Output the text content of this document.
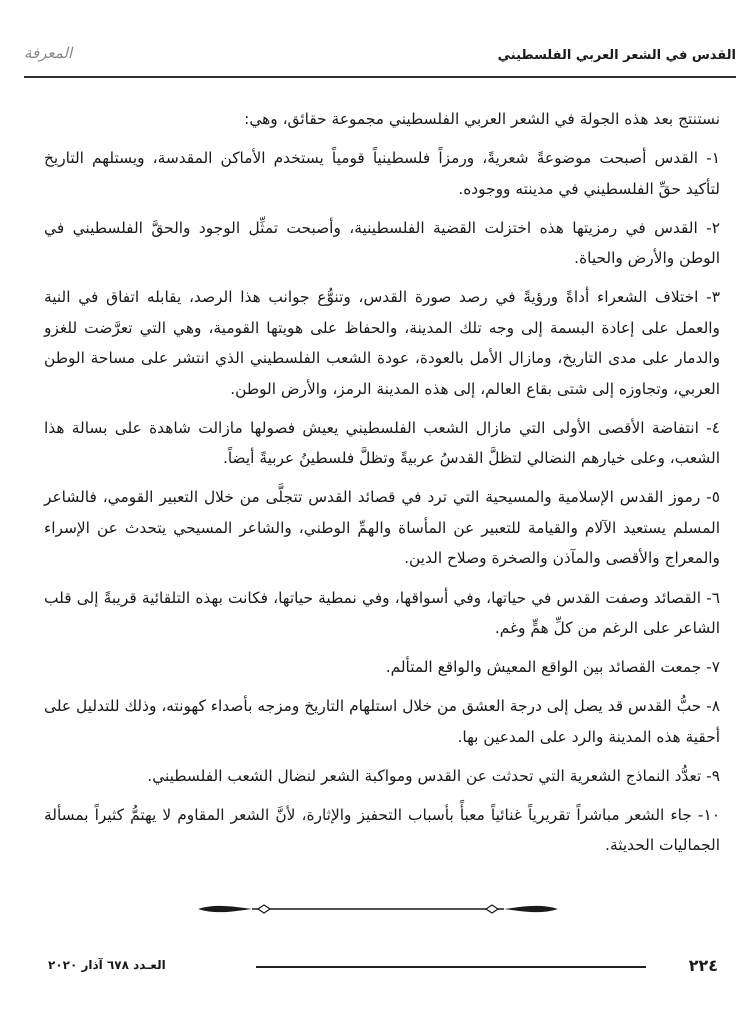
القدس في الشعر العربي الفلسطيني
المعرفة

نستنتج بعد هذه الجولة في الشعر العربي الفلسطيني مجموعة حقائق، وهي:

١- القدس أصبحت موضوعةً شعريةً، ورمزاً فلسطينياً قومياً يستخدم الأماكن المقدسة، ويستلهم التاريخ لتأكيد حقِّ الفلسطيني في مدينته ووجوده.

٢- القدس في رمزيتها هذه اختزلت القضية الفلسطينية، وأصبحت تمثِّل الوجود والحقَّ الفلسطيني في الوطن والأرض والحياة.

٣- اختلاف الشعراء أداةً ورؤيةً في رصد صورة القدس، وتنوُّع جوانب هذا الرصد، يقابله اتفاق في النية والعمل على إعادة البسمة إلى وجه تلك المدينة، والحفاظ على هويتها القومية، وهي التي تعرَّضت للغزو والدمار على مدى التاريخ، ومازال الأمل بالعودة، عودة الشعب الفلسطيني الذي انتشر على مساحة الوطن العربي، وتجاوزه إلى شتى بقاع العالم، إلى هذه المدينة الرمز، والأرض الوطن.

٤- انتفاضة الأقصى الأولى التي مازال الشعب الفلسطيني يعيش فصولها مازالت شاهدة على بسالة هذا الشعب، وعلى خيارهم النضالي لتظلَّ القدسُ عربيةً وتظلَّ فلسطينُ عربيةً أيضاً.

٥- رموز القدس الإسلامية والمسيحية التي ترد في قصائد القدس تتجلَّى من خلال التعبير القومي، فالشاعر المسلم يستعيد الآلام والقيامة للتعبير عن المأساة والهمِّ الوطني، والشاعر المسيحي يتحدث عن الإسراء والمعراج والأقصى والمآذن والصخرة وصلاح الدين.

٦- القصائد وصفت القدس في حياتها، وفي أسواقها، وفي نمطية حياتها، فكانت بهذه التلقائية قريبةً إلى قلب الشاعر على الرغم من كلِّ همٍّ وغم.

٧- جمعت القصائد بين الواقع المعيش والواقع المتألم.

٨- حبُّ القدس قد يصل إلى درجة العشق من خلال استلهام التاريخ ومزجه بأصداء كهونته، وذلك للتدليل على أحقية هذه المدينة والرد على المدعين بها.

٩- تعدُّد النماذج الشعرية التي تحدثت عن القدس ومواكبة الشعر لنضال الشعب الفلسطيني.

١٠- جاء الشعر مباشراً تقريرياً غنائياً معبأً بأسباب التحفيز والإثارة، لأنَّ الشعر المقاوم لا يهتمُّ كثيراً بمسألة الجماليات الحديثة.

٢٢٤
العـدد ٦٧٨ آذار ٢٠٢٠
